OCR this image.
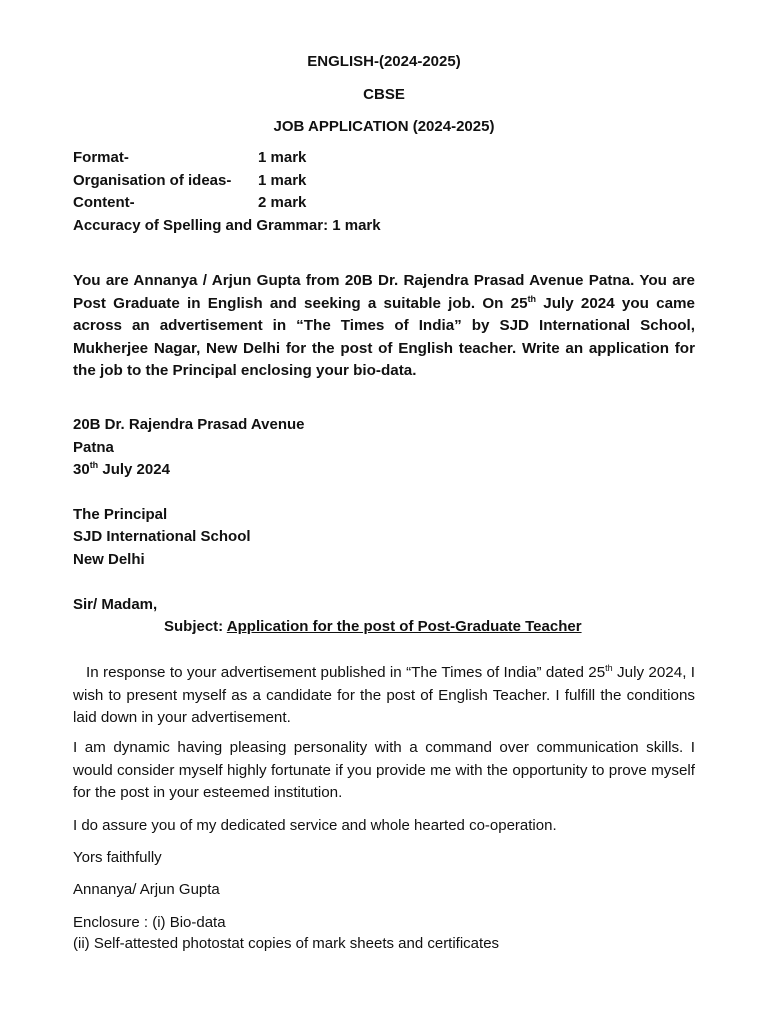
ENGLISH-(2024-2025)
CBSE
JOB APPLICATION (2024-2025)
Format-	1 mark
Organisation of ideas- 1 mark
Content-	2 mark
Accuracy of Spelling and Grammar: 1 mark
You are Annanya / Arjun Gupta from 20B Dr. Rajendra Prasad Avenue Patna. You are Post Graduate in English and seeking a suitable job. On 25th July 2024 you came across an advertisement in “The Times of India” by SJD International School, Mukherjee Nagar, New Delhi for the post of English teacher. Write an application for the job to the Principal enclosing your bio-data.
20B Dr. Rajendra Prasad Avenue
Patna
30th July 2024
The Principal
SJD International School
New Delhi
Sir/ Madam,
Subject: Application for the post of Post-Graduate Teacher
In response to your advertisement published in “The Times of India” dated 25th July 2024, I wish to present myself as a candidate for the post of English Teacher. I fulfill the conditions laid down in your advertisement.
I am dynamic having pleasing personality with a command over communication skills. I would consider myself highly fortunate if you provide me with the opportunity to prove myself for the post in your esteemed institution.
I do assure you of my dedicated service and whole hearted co-operation.
Yors faithfully
Annanya/ Arjun Gupta
Enclosure : (i) Bio-data
(ii) Self-attested photostat copies of mark sheets and certificates
